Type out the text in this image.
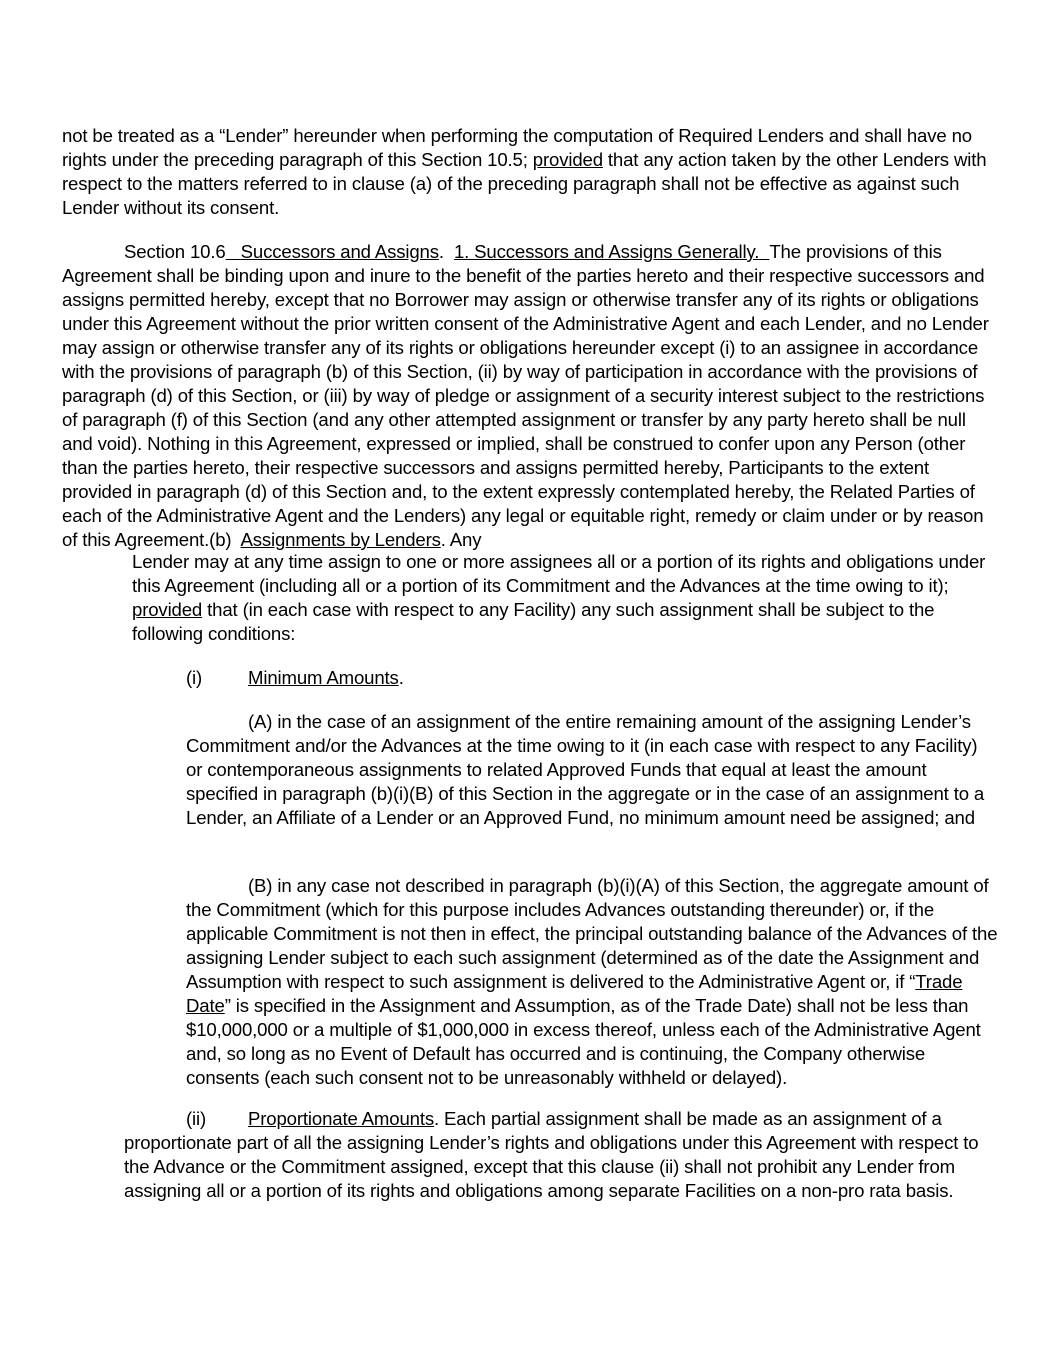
not be treated as a “Lender” hereunder when performing the computation of Required Lenders and shall have no rights under the preceding paragraph of this Section 10.5; provided that any action taken by the other Lenders with respect to the matters referred to in clause (a) of the preceding paragraph shall not be effective as against such Lender without its consent.

Section 10.6 Successors and Assigns.  1. Successors and Assigns Generally. The provisions of this Agreement shall be binding upon and inure to the benefit of the parties hereto and their respective successors and assigns permitted hereby, except that no Borrower may assign or otherwise transfer any of its rights or obligations under this Agreement without the prior written consent of the Administrative Agent and each Lender, and no Lender may assign or otherwise transfer any of its rights or obligations hereunder except (i) to an assignee in accordance with the provisions of paragraph (b) of this Section, (ii) by way of participation in accordance with the provisions of paragraph (d) of this Section, or (iii) by way of pledge or assignment of a security interest subject to the restrictions of paragraph (f) of this Section (and any other attempted assignment or transfer by any party hereto shall be null and void). Nothing in this Agreement, expressed or implied, shall be construed to confer upon any Person (other than the parties hereto, their respective successors and assigns permitted hereby, Participants to the extent provided in paragraph (d) of this Section and, to the extent expressly contemplated hereby, the Related Parties of each of the Administrative Agent and the Lenders) any legal or equitable right, remedy or claim under or by reason of this Agreement.(b) Assignments by Lenders. Any

Lender may at any time assign to one or more assignees all or a portion of its rights and obligations under this Agreement (including all or a portion of its Commitment and the Advances at the time owing to it); provided that (in each case with respect to any Facility) any such assignment shall be subject to the following conditions:

(i) Minimum Amounts.

(A) in the case of an assignment of the entire remaining amount of the assigning Lender’s Commitment and/or the Advances at the time owing to it (in each case with respect to any Facility) or contemporaneous assignments to related Approved Funds that equal at least the amount specified in paragraph (b)(i)(B) of this Section in the aggregate or in the case of an assignment to a Lender, an Affiliate of a Lender or an Approved Fund, no minimum amount need be assigned; and

(B) in any case not described in paragraph (b)(i)(A) of this Section, the aggregate amount of the Commitment (which for this purpose includes Advances outstanding thereunder) or, if the applicable Commitment is not then in effect, the principal outstanding balance of the Advances of the assigning Lender subject to each such assignment (determined as of the date the Assignment and Assumption with respect to such assignment is delivered to the Administrative Agent or, if “Trade Date” is specified in the Assignment and Assumption, as of the Trade Date) shall not be less than $10,000,000 or a multiple of $1,000,000 in excess thereof, unless each of the Administrative Agent and, so long as no Event of Default has occurred and is continuing, the Company otherwise consents (each such consent not to be unreasonably withheld or delayed).

(ii) Proportionate Amounts. Each partial assignment shall be made as an assignment of a proportionate part of all the assigning Lender’s rights and obligations under this Agreement with respect to the Advance or the Commitment assigned, except that this clause (ii) shall not prohibit any Lender from assigning all or a portion of its rights and obligations among separate Facilities on a non-pro rata basis.
